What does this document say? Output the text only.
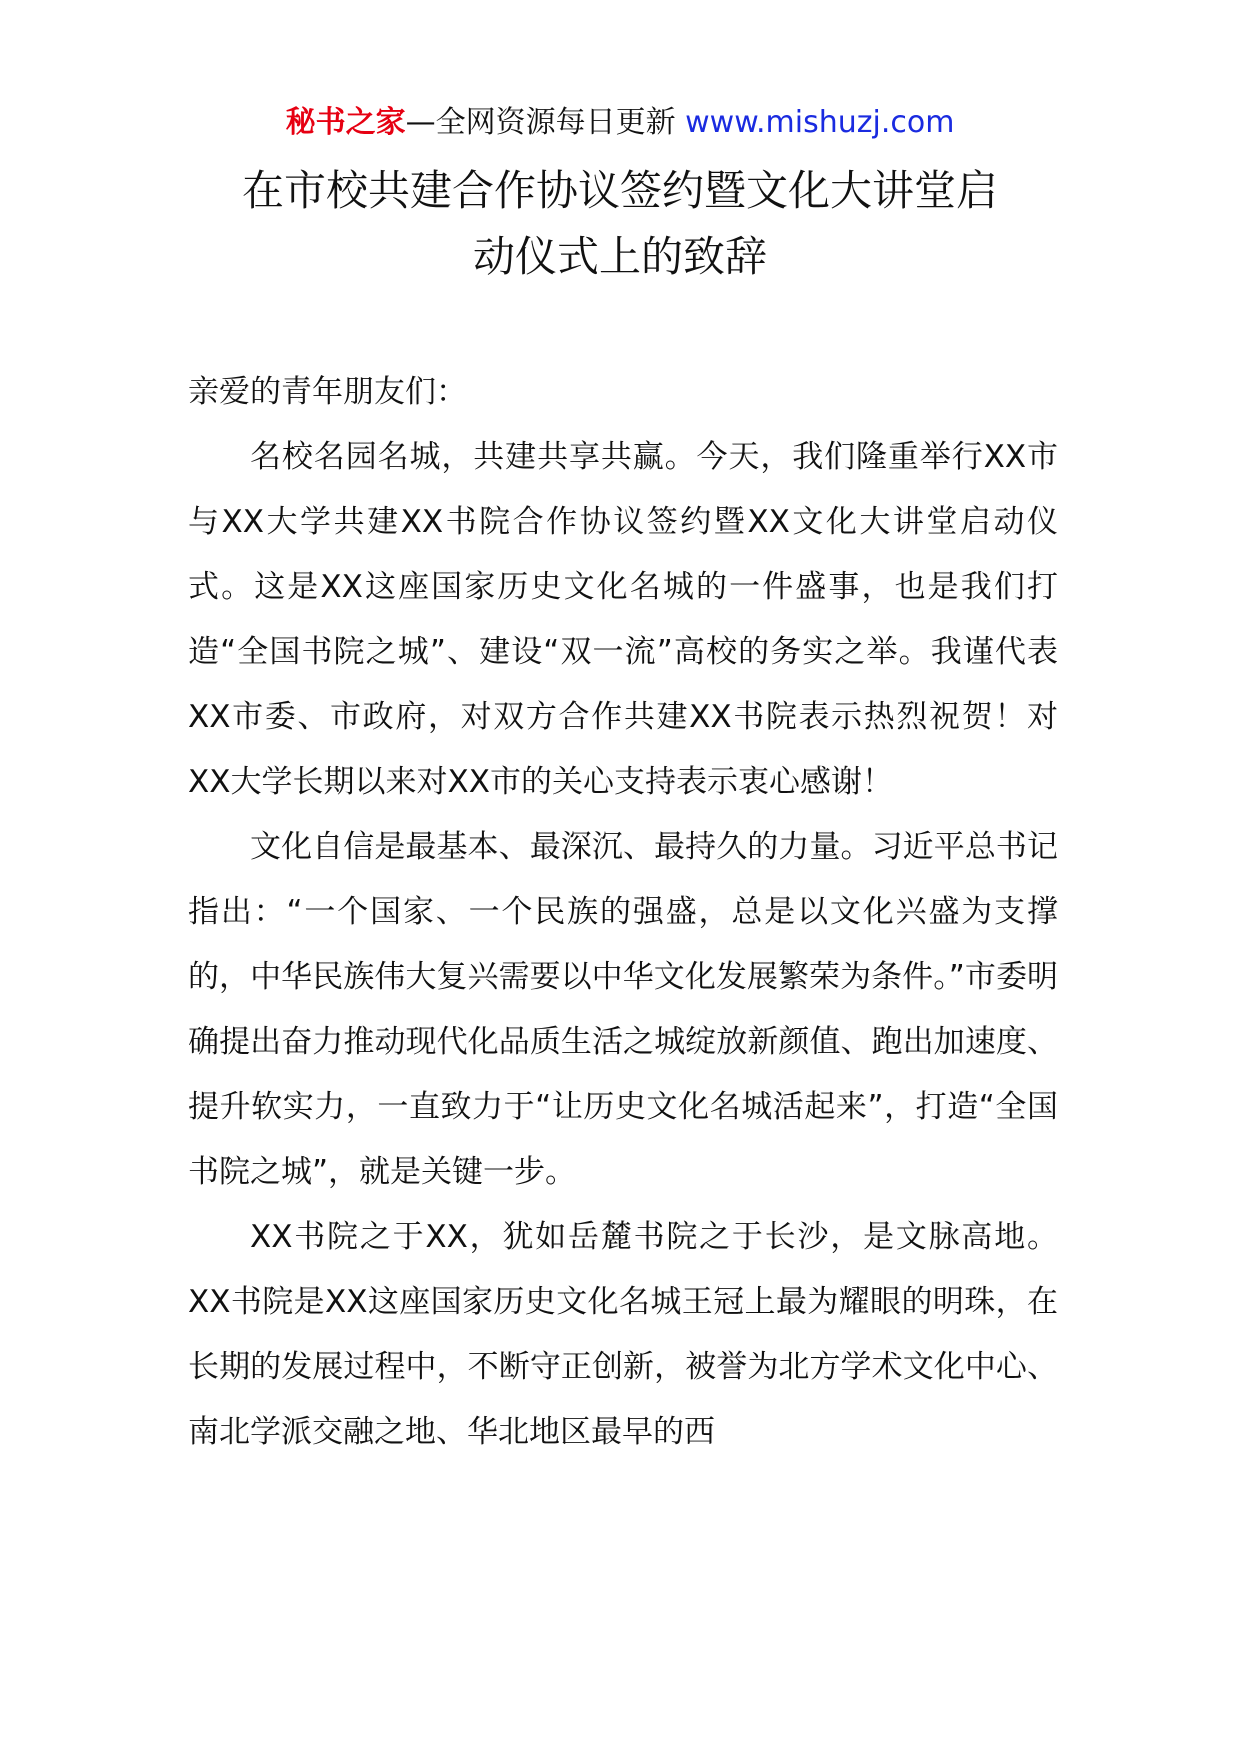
秘书之家—全网资源每日更新 www.mishuzj.com
在市校共建合作协议签约暨文化大讲堂启
动仪式上的致辞

亲爱的青年朋友们：

名校名园名城，共建共享共赢。今天，我们隆重举行XX市与XX大学共建XX书院合作协议签约暨XX文化大讲堂启动仪式。这是XX这座国家历史文化名城的一件盛事，也是我们打造“全国书院之城”、建设“双一流”高校的务实之举。我谨代表XX市委、市政府，对双方合作共建XX书院表示热烈祝贺！对XX大学长期以来对XX市的关心支持表示衷心感谢！

文化自信是最基本、最深沉、最持久的力量。习近平总书记指出：“一个国家、一个民族的强盛，总是以文化兴盛为支撑的，中华民族伟大复兴需要以中华文化发展繁荣为条件。”市委明确提出奋力推动现代化品质生活之城绽放新颜值、跑出加速度、提升软实力，一直致力于“让历史文化名城活起来”，打造“全国书院之城”，就是关键一步。

XX书院之于XX，犹如岳麓书院之于长沙，是文脉高地。XX书院是XX这座国家历史文化名城王冠上最为耀眼的明珠，在长期的发展过程中，不断守正创新，被誉为北方学术文化中心、南北学派交融之地、华北地区最早的西
